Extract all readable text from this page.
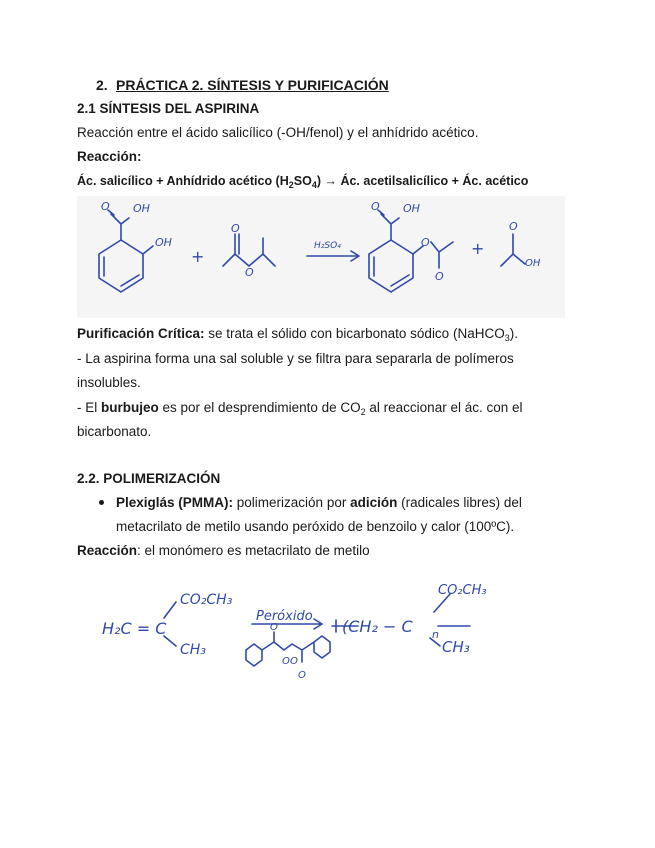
2. PRÁCTICA 2. SÍNTESIS Y PURIFICACIÓN
2.1 SÍNTESIS DEL ASPIRINA
Reacción entre el ácido salicílico (-OH/fenol) y el anhídrido acético.
Reacción:
Ác. salicílico + Anhídrido acético $(H_2SO_4)$ → Ác. acetilsalicílico + Ác. acético
O OH
OH
+
O
O
H₂SO₄
O OH
O
O
+
O
OH
Purificación Crítica: se trata el sólido con bicarbonato sódico (NaHCO$_3$).
- La aspirina forma una sal soluble y se filtra para separarla de polímeros
insolubles.
- El burbujeo es por el desprendimiento de $CO_2$ al reaccionar el ác. con el
bicarbonato.
2.2. POLIMERIZACIÓN
Plexiglás (PMMA): polimerización por adición (radicales libres) del
metacrilato de metilo usando peróxido de benzoilo y calor (100ºC).
Reacción: el monómero es metacrilato de metilo
H₂C = C
CO₂CH₃
CH₃
Peróxido
O
O O
O
(CH₂ − C
CO₂CH₃
CH₃
n
